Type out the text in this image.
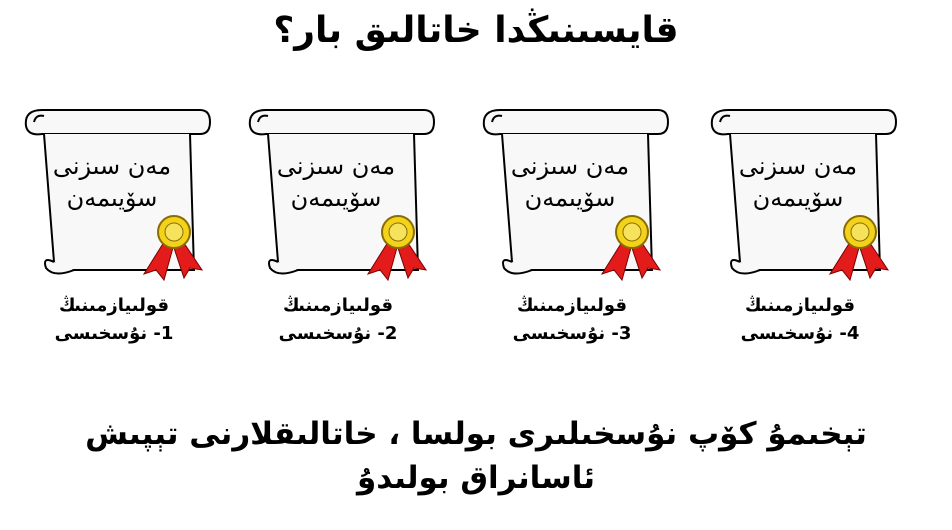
قايسىنىڭدا خاتالىق بار؟
مەن سىزنى
سۆيىمەن
قولىيازمىنىڭ
4- نۇسخىسى
مەن سىزنى
سۆيىمەن
قولىيازمىنىڭ
3- نۇسخىسى
مەن سىزنى
سۆيىمەن
قولىيازمىنىڭ
2- نۇسخىسى
مەن سىزنى
سۆيىمەن
قولىيازمىنىڭ
1- نۇسخىسى
تېخىمۇ كۆپ نۇسخىلىرى بولسا ، خاتالىقلارنى تېپىش
ئاسانراق بولىدۇ
